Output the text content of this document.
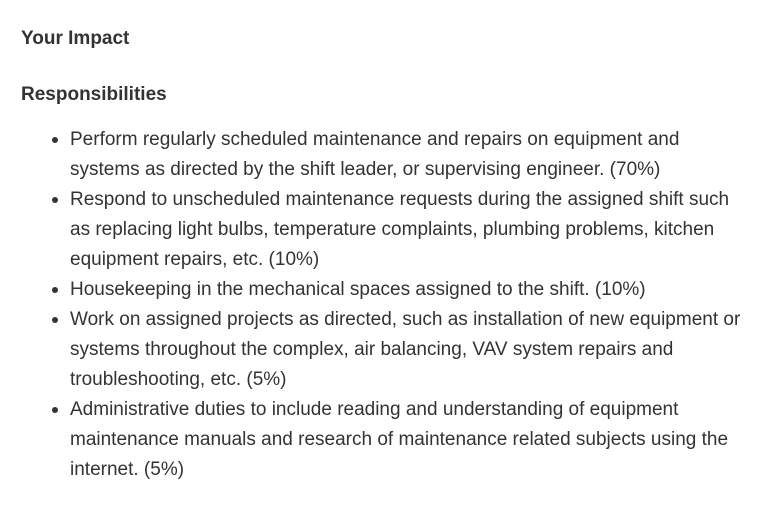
Your Impact
Responsibilities
Perform regularly scheduled maintenance and repairs on equipment and systems as directed by the shift leader, or supervising engineer. (70%)
Respond to unscheduled maintenance requests during the assigned shift such as replacing light bulbs, temperature complaints, plumbing problems, kitchen equipment repairs, etc. (10%)
Housekeeping in the mechanical spaces assigned to the shift. (10%)
Work on assigned projects as directed, such as installation of new equipment or systems throughout the complex, air balancing, VAV system repairs and troubleshooting, etc. (5%)
Administrative duties to include reading and understanding of equipment maintenance manuals and research of maintenance related subjects using the internet. (5%)
